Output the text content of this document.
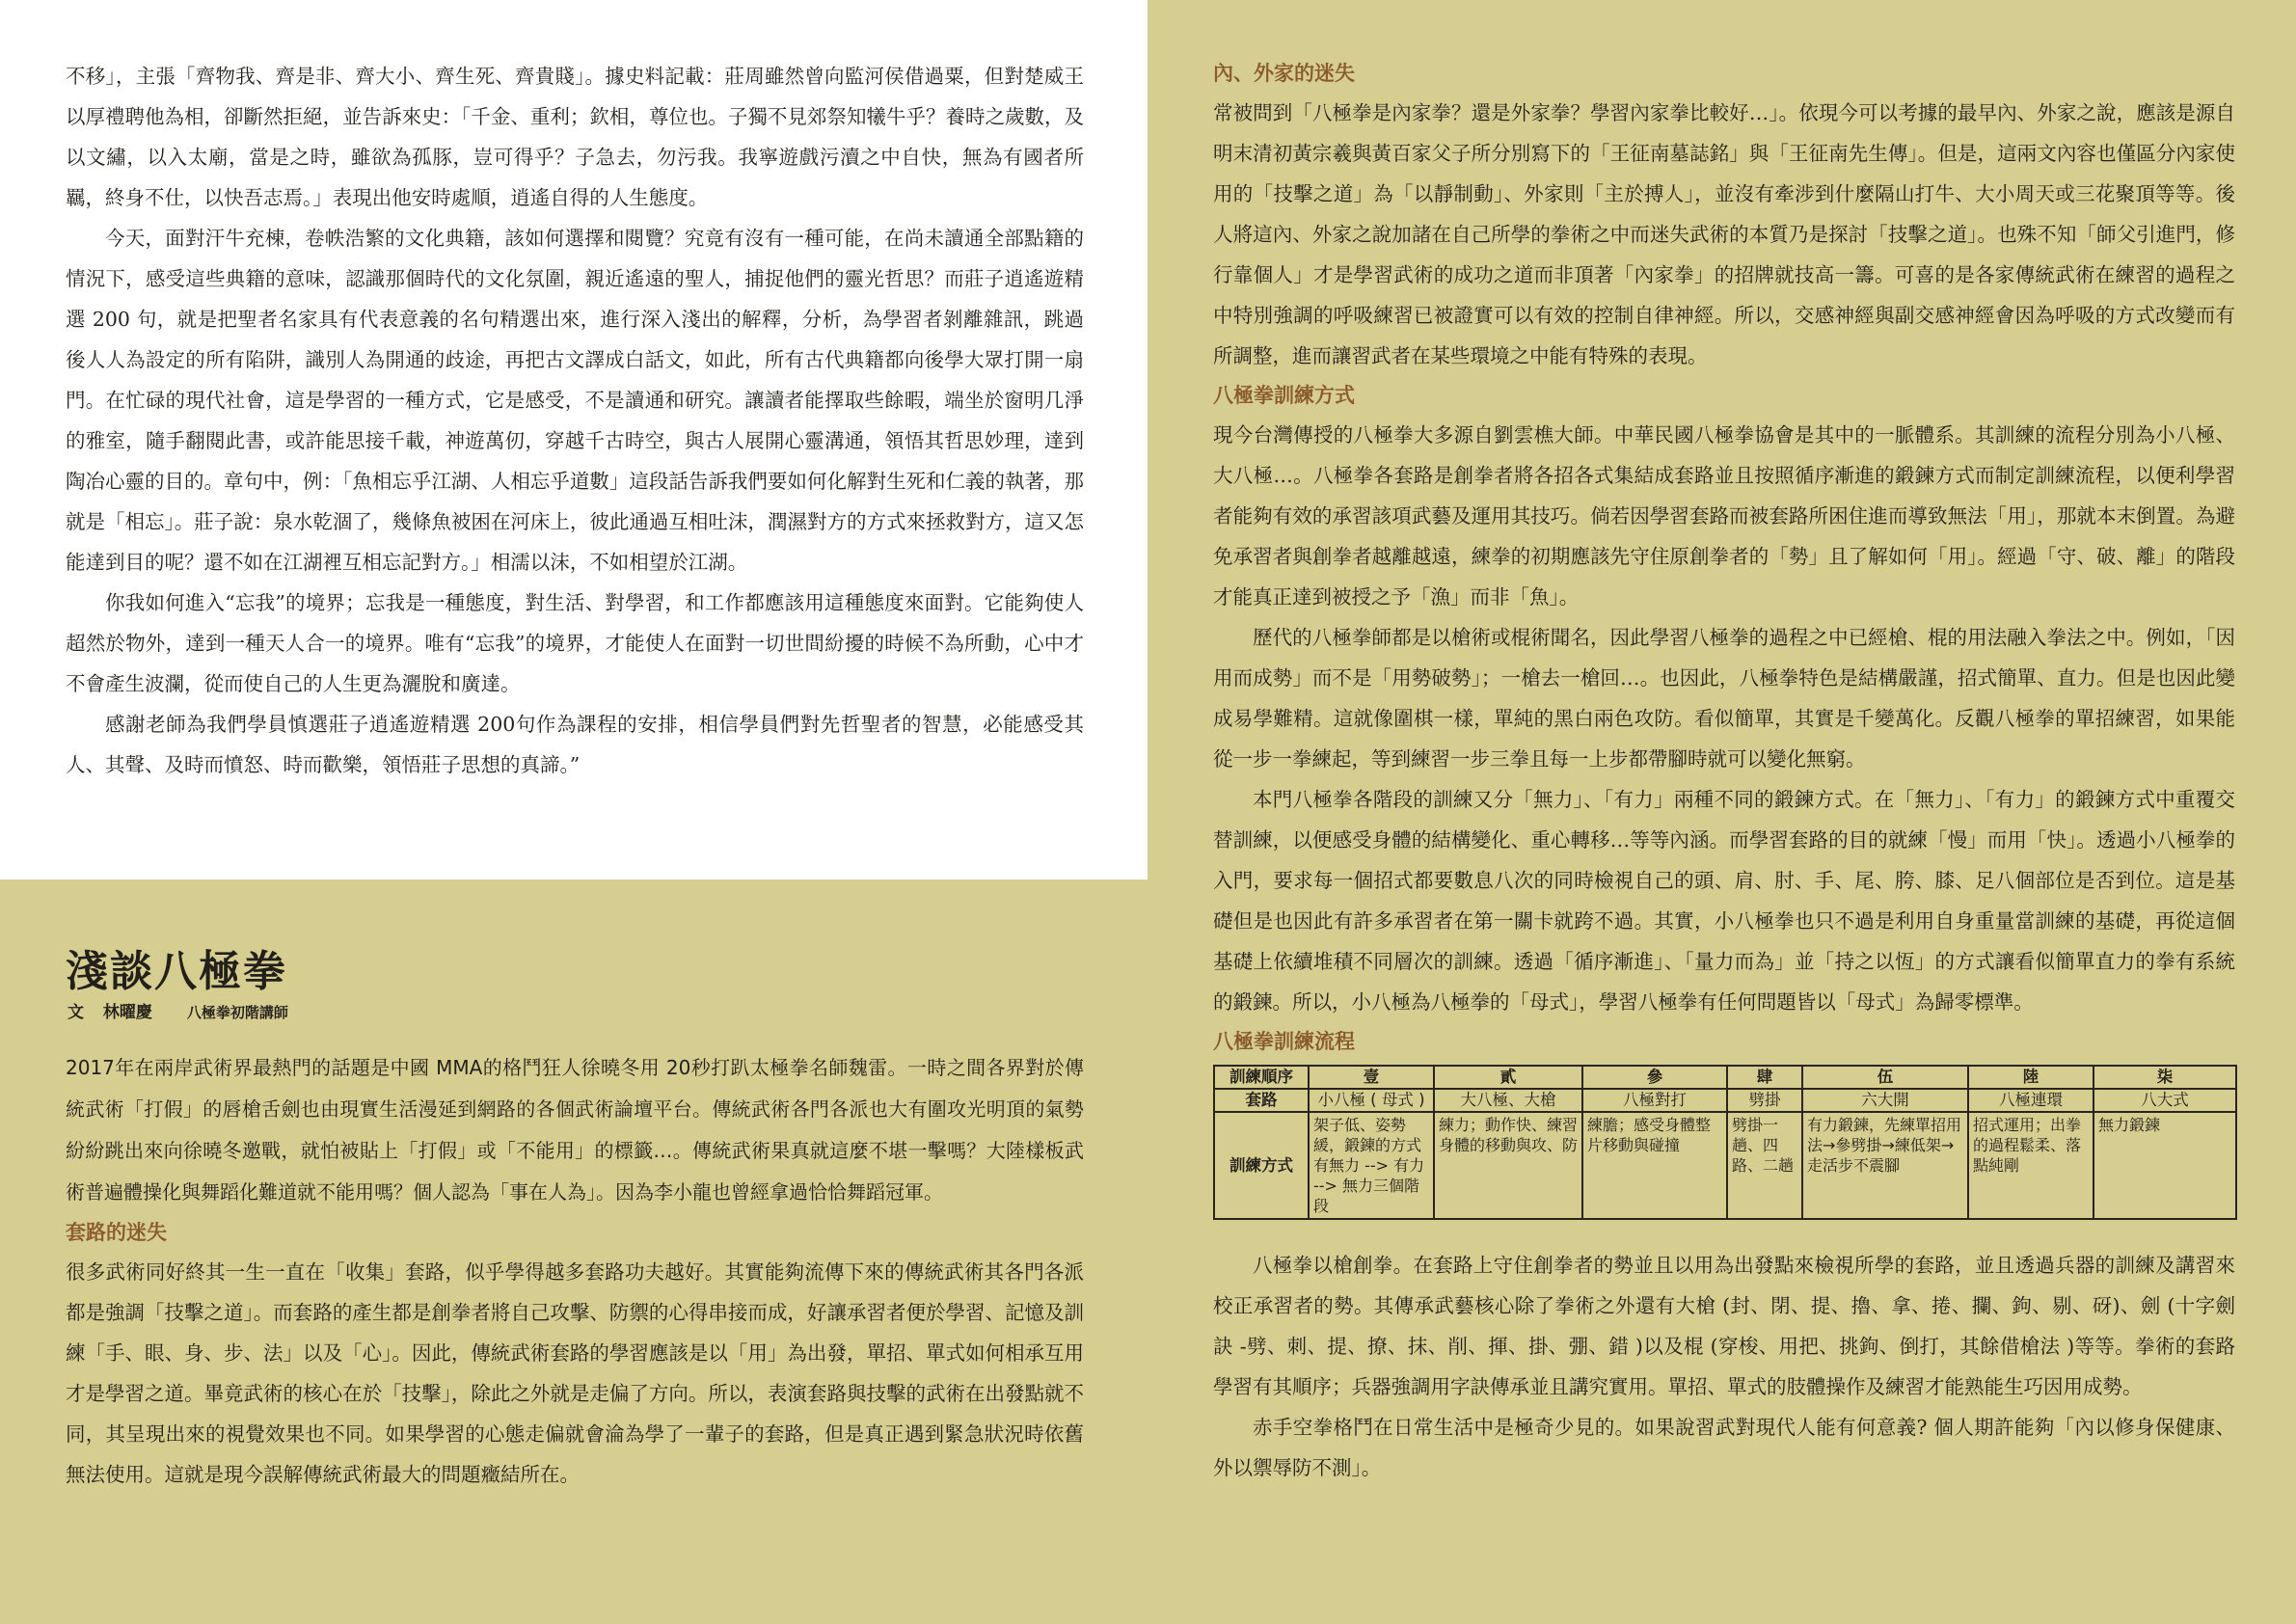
不移」，主張「齊物我、齊是非、齊大小、齊生死、齊貴賤」。據史料記載：莊周雖然曾向監河侯借過粟，但對楚威王以厚禮聘他為相，卻斷然拒絕，並告訴來史：「千金、重利；欽相，尊位也。子獨不見郊祭知犧牛乎？養時之歲數，及以文繡，以入太廟，當是之時，雖欲為孤豚，豈可得乎？子急去，勿污我。我寧遊戲污瀆之中自快，無為有國者所羈，終身不仕，以快吾志焉。」表現出他安時處順，逍遙自得的人生態度。

今天，面對汗牛充棟，卷帙浩繁的文化典籍，該如何選擇和閱覽？究竟有沒有一種可能，在尚未讀通全部點籍的情況下，感受這些典籍的意味，認識那個時代的文化氛圍，親近遙遠的聖人，捕捉他們的靈光哲思？而莊子逍遙遊精選 200 句，就是把聖者名家具有代表意義的名句精選出來，進行深入淺出的解釋，分析，為學習者剝離雜訊，跳過後人人為設定的所有陷阱，識別人為開通的歧途，再把古文譯成白話文，如此，所有古代典籍都向後學大眾打開一扇門。在忙碌的現代社會，這是學習的一種方式，它是感受，不是讀通和研究。讓讀者能擇取些餘暇，端坐於窗明几淨的雅室，隨手翻閱此書，或許能思接千載，神遊萬仞，穿越千古時空，與古人展開心靈溝通，領悟其哲思妙理，達到陶冶心靈的目的。章句中，例：「魚相忘乎江湖、人相忘乎道數」這段話告訴我們要如何化解對生死和仁義的執著，那就是「相忘」。莊子說：泉水乾涸了，幾條魚被困在河床上，彼此通過互相吐沫，潤濕對方的方式來拯救對方，這又怎能達到目的呢？還不如在江湖裡互相忘記對方。」相濡以沫，不如相望於江湖。

你我如何進入“忘我”的境界；忘我是一種態度，對生活、對學習，和工作都應該用這種態度來面對。它能夠使人超然於物外，達到一種天人合一的境界。唯有“忘我”的境界，才能使人在面對一切世間紛擾的時候不為所動，心中才不會產生波瀾，從而使自己的人生更為灑脫和廣達。

感謝老師為我們學員慎選莊子逍遙遊精選 200句作為課程的安排，相信學員們對先哲聖者的智慧，必能感受其人、其聲、及時而憤怒、時而歡樂，領悟莊子思想的真諦。”

淺談八極拳
文 林曜慶 八極拳初階講師

2017年在兩岸武術界最熱門的話題是中國 MMA的格鬥狂人徐曉冬用 20秒打趴太極拳名師魏雷。一時之間各界對於傳統武術「打假」的唇槍舌劍也由現實生活漫延到網路的各個武術論壇平台。傳統武術各門各派也大有圍攻光明頂的氣勢紛紛跳出來向徐曉冬邀戰，就怕被貼上「打假」或「不能用」的標籤…。傳統武術果真就這麼不堪一擊嗎？大陸樣板武術普遍體操化與舞蹈化難道就不能用嗎？個人認為「事在人為」。因為李小龍也曾經拿過恰恰舞蹈冠軍。

套路的迷失

很多武術同好終其一生一直在「收集」套路，似乎學得越多套路功夫越好。其實能夠流傳下來的傳統武術其各門各派都是強調「技擊之道」。而套路的產生都是創拳者將自己攻擊、防禦的心得串接而成，好讓承習者便於學習、記憶及訓練「手、眼、身、步、法」以及「心」。因此，傳統武術套路的學習應該是以「用」為出發，單招、單式如何相承互用才是學習之道。畢竟武術的核心在於「技擊」，除此之外就是走偏了方向。所以，表演套路與技擊的武術在出發點就不同，其呈現出來的視覺效果也不同。如果學習的心態走偏就會淪為學了一輩子的套路，但是真正遇到緊急狀況時依舊無法使用。這就是現今誤解傳統武術最大的問題癥結所在。

內、外家的迷失

常被問到「八極拳是內家拳？還是外家拳？學習內家拳比較好…」。依現今可以考據的最早內、外家之說，應該是源自明末清初黃宗羲與黃百家父子所分別寫下的「王征南墓誌銘」與「王征南先生傳」。但是，這兩文內容也僅區分內家使用的「技擊之道」為「以靜制動」、外家則「主於搏人」，並沒有牽涉到什麼隔山打牛、大小周天或三花聚頂等等。後人將這內、外家之說加諸在自己所學的拳術之中而迷失武術的本質乃是探討「技擊之道」。也殊不知「師父引進門，修行靠個人」才是學習武術的成功之道而非頂著「內家拳」的招牌就技高一籌。可喜的是各家傳統武術在練習的過程之中特別強調的呼吸練習已被證實可以有效的控制自律神經。所以，交感神經與副交感神經會因為呼吸的方式改變而有所調整，進而讓習武者在某些環境之中能有特殊的表現。

八極拳訓練方式

現今台灣傳授的八極拳大多源自劉雲樵大師。中華民國八極拳協會是其中的一脈體系。其訓練的流程分別為小八極、大八極…。八極拳各套路是創拳者將各招各式集結成套路並且按照循序漸進的鍛鍊方式而制定訓練流程，以便利學習者能夠有效的承習該項武藝及運用其技巧。倘若因學習套路而被套路所困住進而導致無法「用」，那就本末倒置。為避免承習者與創拳者越離越遠，練拳的初期應該先守住原創拳者的「勢」且了解如何「用」。經過「守、破、離」的階段才能真正達到被授之予「漁」而非「魚」。

歷代的八極拳師都是以槍術或棍術聞名，因此學習八極拳的過程之中已經槍、棍的用法融入拳法之中。例如，「因用而成勢」而不是「用勢破勢」；一槍去一槍回…。也因此，八極拳特色是結構嚴謹，招式簡單、直力。但是也因此變成易學難精。這就像圍棋一樣，單純的黑白兩色攻防。看似簡單，其實是千變萬化。反觀八極拳的單招練習，如果能從一步一拳練起，等到練習一步三拳且每一上步都帶腳時就可以變化無窮。

本門八極拳各階段的訓練又分「無力」、「有力」兩種不同的鍛鍊方式。在「無力」、「有力」的鍛鍊方式中重覆交替訓練，以便感受身體的結構變化、重心轉移…等等內涵。而學習套路的目的就練「慢」而用「快」。透過小八極拳的入門，要求每一個招式都要數息八次的同時檢視自己的頭、肩、肘、手、尾、胯、膝、足八個部位是否到位。這是基礎但是也因此有許多承習者在第一關卡就跨不過。其實，小八極拳也只不過是利用自身重量當訓練的基礎，再從這個基礎上依續堆積不同層次的訓練。透過「循序漸進」、「量力而為」並「持之以恆」的方式讓看似簡單直力的拳有系統的鍛鍊。所以，小八極為八極拳的「母式」，學習八極拳有任何問題皆以「母式」為歸零標準。

八極拳訓練流程
訓練順序	壹	貳	參	肆	伍	陸	柒
套路	小八極 ( 母式 )	大八極、大槍	八極對打	劈掛	六大開	八極連環	八大式
訓練方式	架子低、姿勢緩，鍛鍊的方式有無力 --> 有力 --> 無力三個階段	練力；動作快、練習身體的移動與攻、防	練膽；感受身體整片移動與碰撞	劈掛一趟、四路、二趟	有力鍛鍊，先練單招用法→參劈掛→練低架→走活步不震腳	招式運用；出拳的過程鬆柔、落點純剛	無力鍛鍊

八極拳以槍創拳。在套路上守住創拳者的勢並且以用為出發點來檢視所學的套路，並且透過兵器的訓練及講習來校正承習者的勢。其傳承武藝核心除了拳術之外還有大槍 (封、閉、提、擼、拿、捲、攔、鉤、剔、砑)、劍 (十字劍訣 -劈、刺、提、撩、抹、削、揮、掛、弸、錯 )以及棍 (穿梭、用把、挑鉤、倒打，其餘借槍法 )等等。拳術的套路學習有其順序；兵器強調用字訣傳承並且講究實用。單招、單式的肢體操作及練習才能熟能生巧因用成勢。

赤手空拳格鬥在日常生活中是極奇少見的。如果說習武對現代人能有何意義? 個人期許能夠「內以修身保健康、外以禦辱防不測」。
